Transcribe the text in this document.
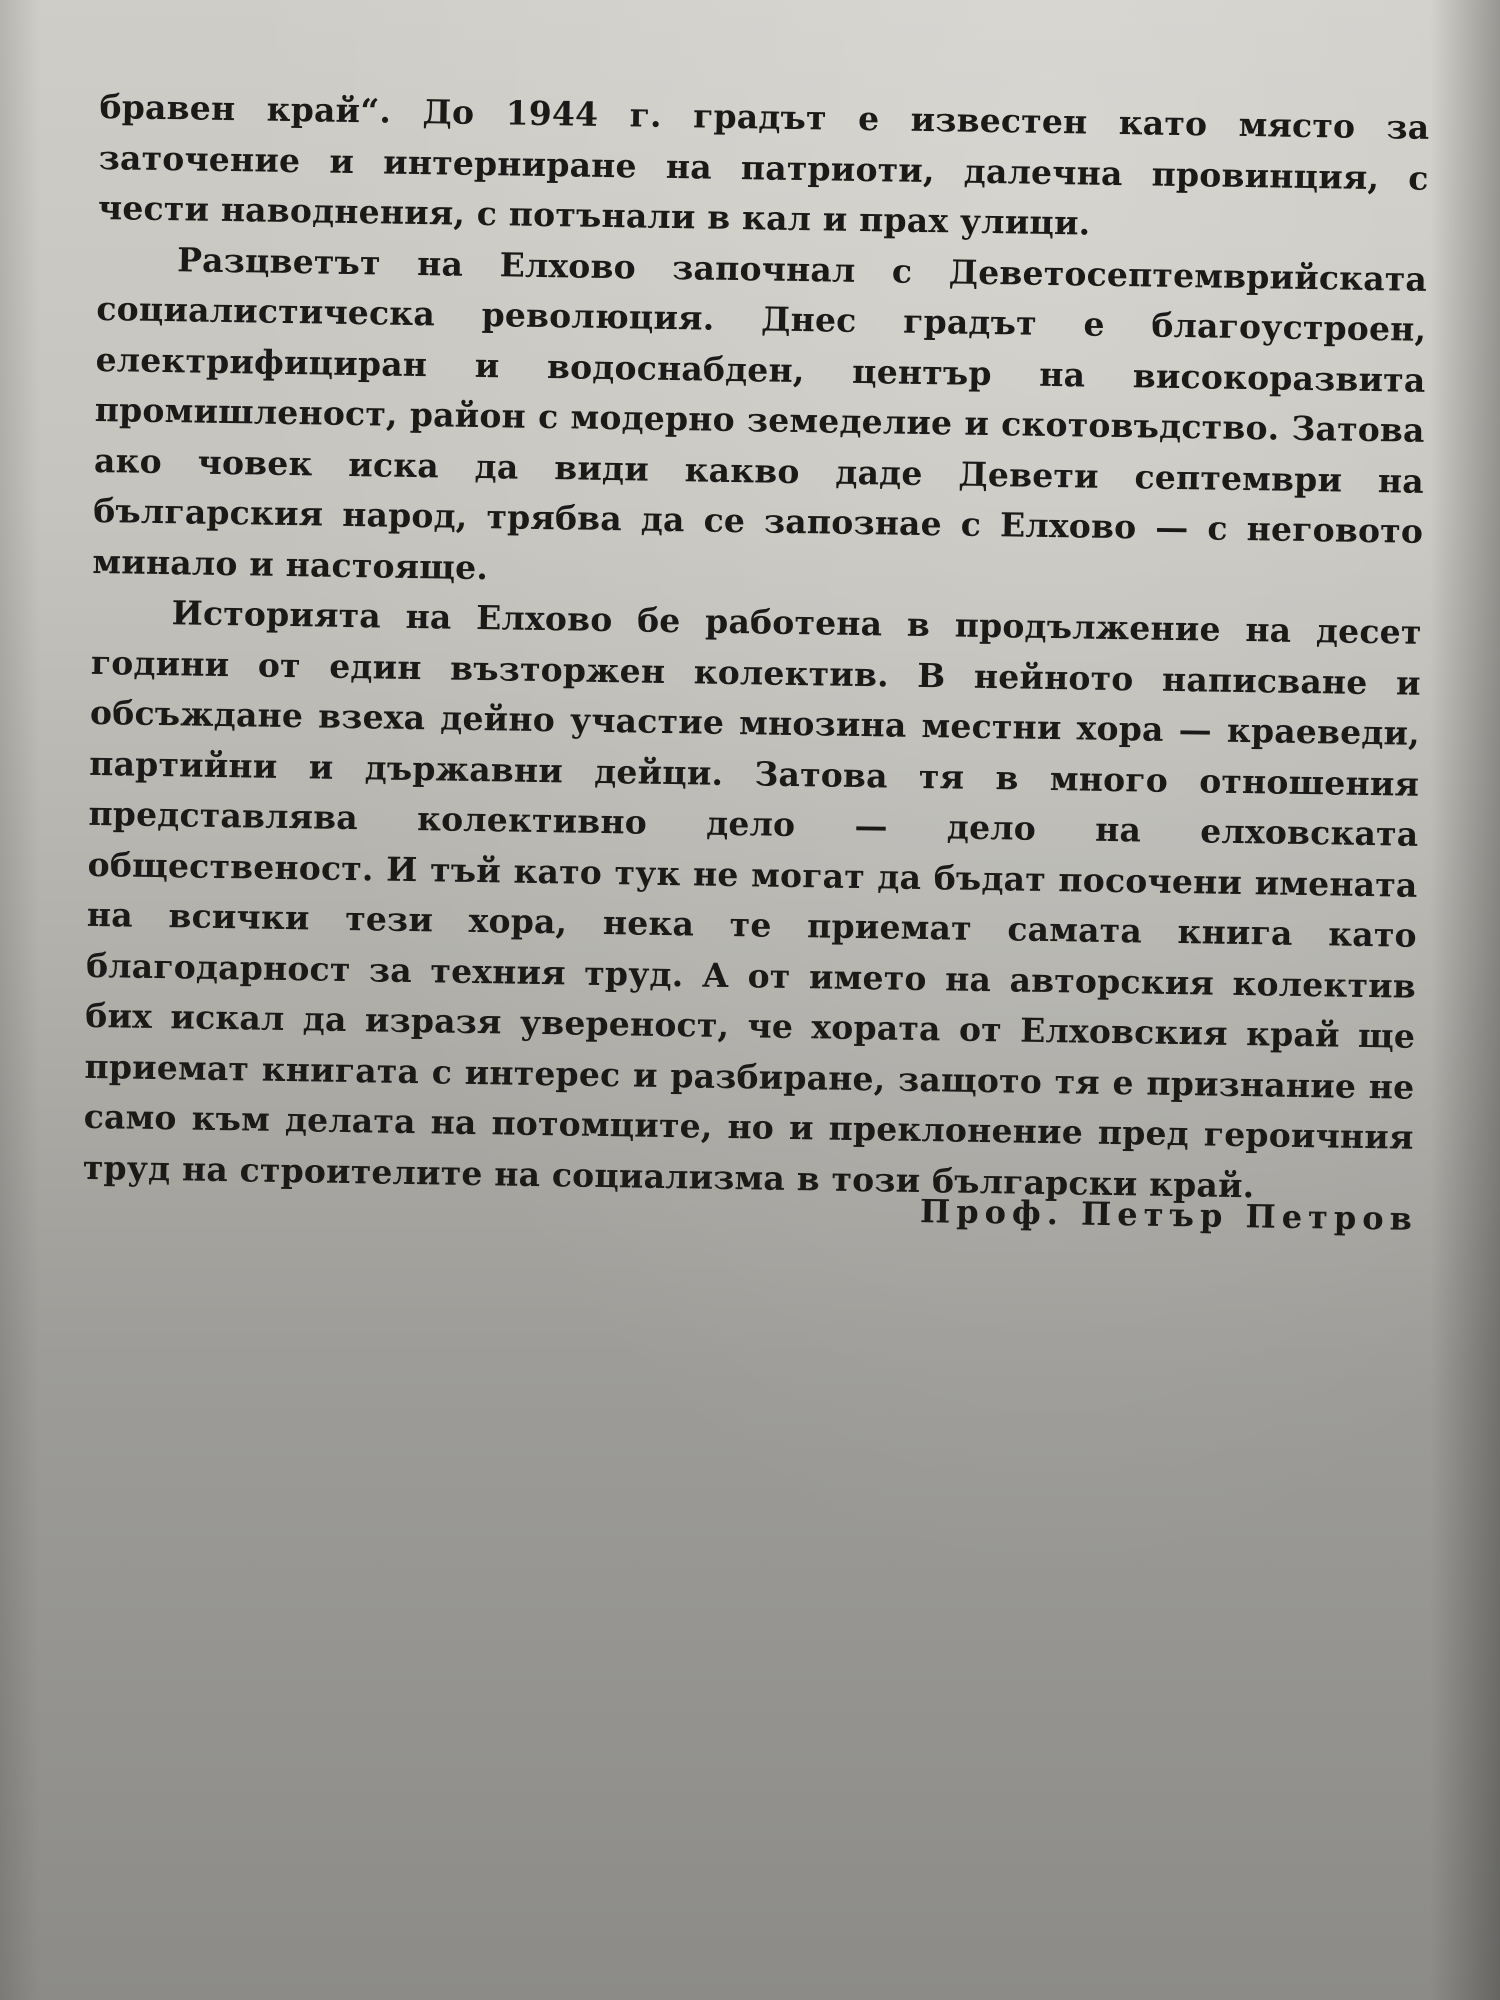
бравен край“. До 1944 г. градът е известен като място за заточение и интерниране на патриоти, далечна провинция, с чести наводнения, с потънали в кал и прах улици.

Разцветът на Елхово започнал с Деветосептемврийската социалистическа революция. Днес градът е благоустроен, електрифициран и водоснабден, център на високоразвита промишленост, район с модерно земеделие и скотовъдство. Затова ако човек иска да види какво даде Девети септември на българския народ, трябва да се запознае с Елхово — с неговото минало и настояще.

Историята на Елхово бе работена в продължение на десет години от един възторжен колектив. В нейното написване и обсъждане взеха дейно участие мнозина местни хора — краеведи, партийни и държавни дейци. Затова тя в много отношения представлява колективно дело — дело на елховската общественост. И тъй като тук не могат да бъдат посочени имената на всички тези хора, нека те приемат самата книга като благодарност за техния труд. А от името на авторския колектив бих искал да изразя увереност, че хората от Елховския край ще приемат книгата с интерес и разбиране, защото тя е признание не само към делата на потомците, но и преклонение пред героичния труд на строителите на социализма в този български край.

Проф. Петър Петров
